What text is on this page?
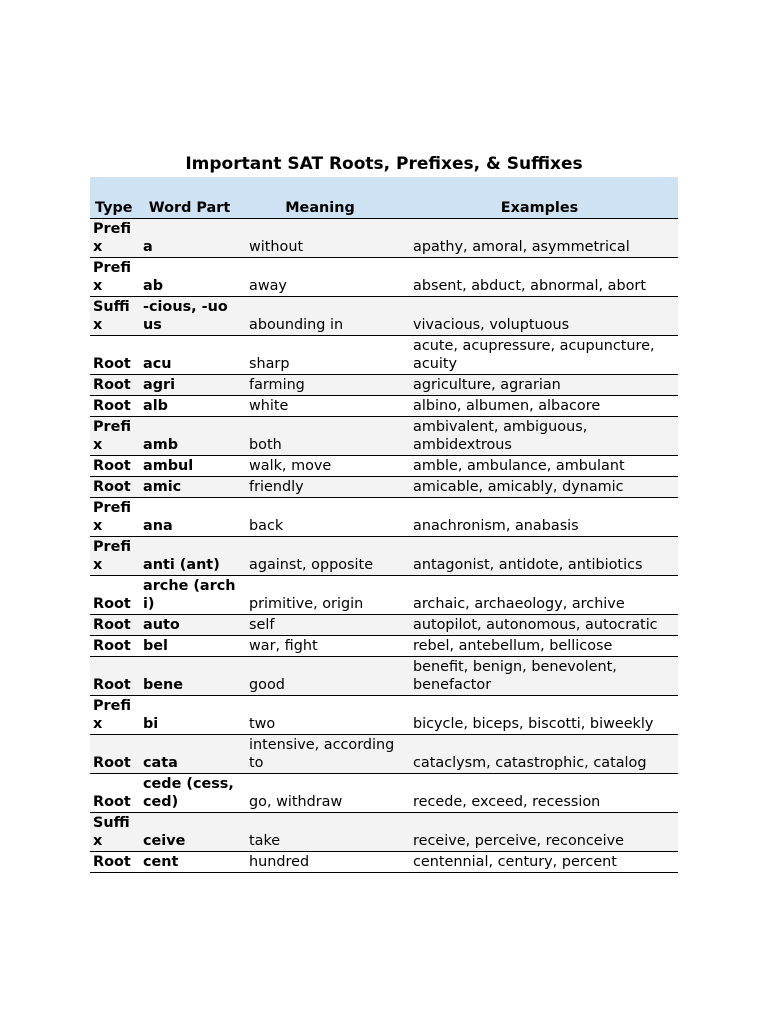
Important SAT Roots, Prefixes, & Suffixes
Type	Word Part	Meaning	Examples
Prefix	a	without	apathy, amoral, asymmetrical
Prefix	ab	away	absent, abduct, abnormal, abort
Suffix	-cious, -uous	abounding in	vivacious, voluptuous
Root	acu	sharp	acute, acupressure, acupuncture, acuity
Root	agri	farming	agriculture, agrarian
Root	alb	white	albino, albumen, albacore
Prefix	amb	both	ambivalent, ambiguous, ambidextrous
Root	ambul	walk, move	amble, ambulance, ambulant
Root	amic	friendly	amicable, amicably, dynamic
Prefix	ana	back	anachronism, anabasis
Prefix	anti (ant)	against, opposite	antagonist, antidote, antibiotics
Root	arche (archi)	primitive, origin	archaic, archaeology, archive
Root	auto	self	autopilot, autonomous, autocratic
Root	bel	war, fight	rebel, antebellum, bellicose
Root	bene	good	benefit, benign, benevolent, benefactor
Prefix	bi	two	bicycle, biceps, biscotti, biweekly
Root	cata	intensive, according to	cataclysm, catastrophic, catalog
Root	cede (cess, ced)	go, withdraw	recede, exceed, recession
Suffix	ceive	take	receive, perceive, reconceive
Root	cent	hundred	centennial, century, percent
